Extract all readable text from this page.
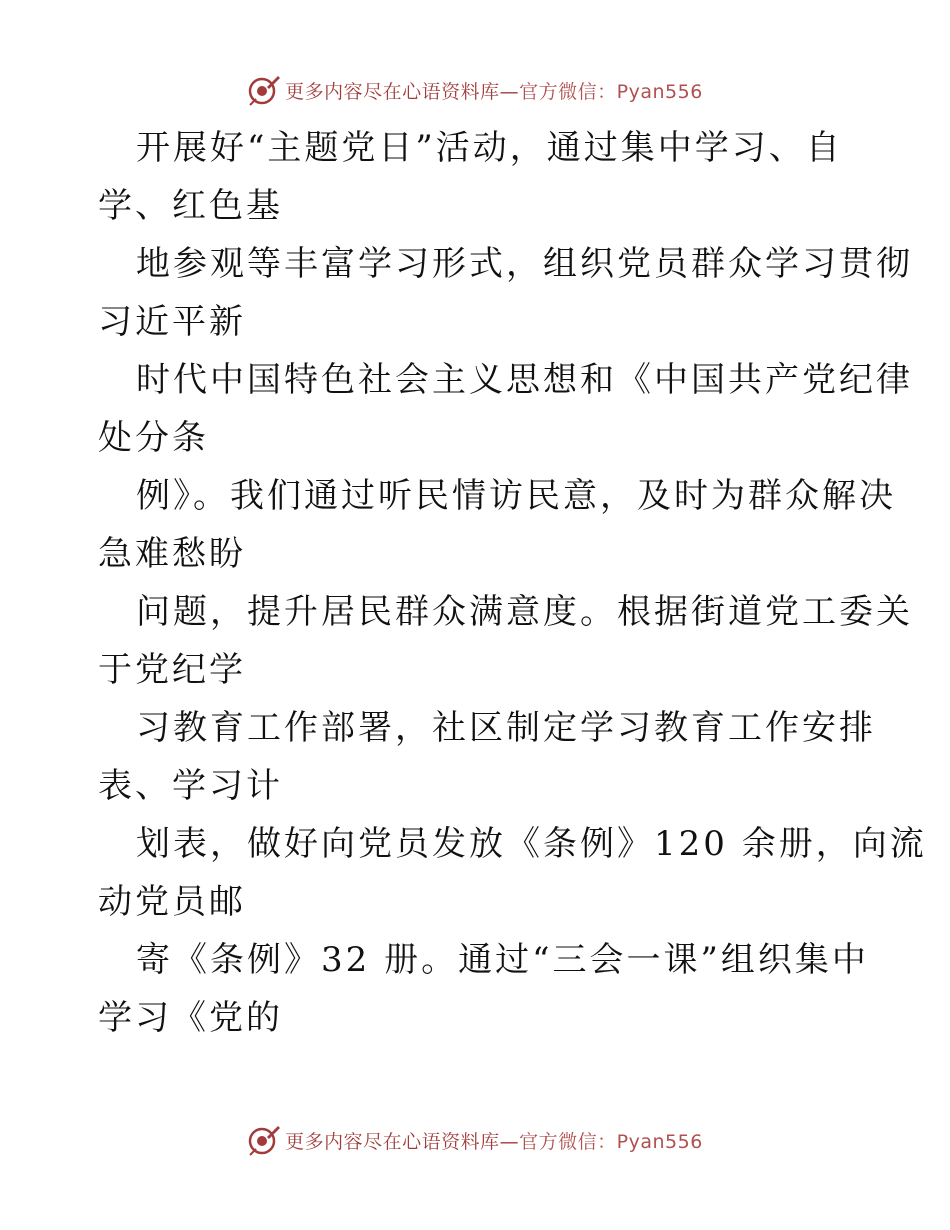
更多内容尽在心语资料库—官方微信：Pyan556
开展好“主题党日”活动，通过集中学习、自
学、红色基
地参观等丰富学习形式，组织党员群众学习贯彻
习近平新
时代中国特色社会主义思想和《中国共产党纪律
处分条
例》。我们通过听民情访民意，及时为群众解决
急难愁盼
问题，提升居民群众满意度。根据街道党工委关
于党纪学
习教育工作部署，社区制定学习教育工作安排
表、学习计
划表，做好向党员发放《条例》120 余册，向流
动党员邮
寄《条例》32 册。通过“三会一课”组织集中
学习《党的
更多内容尽在心语资料库—官方微信：Pyan556
